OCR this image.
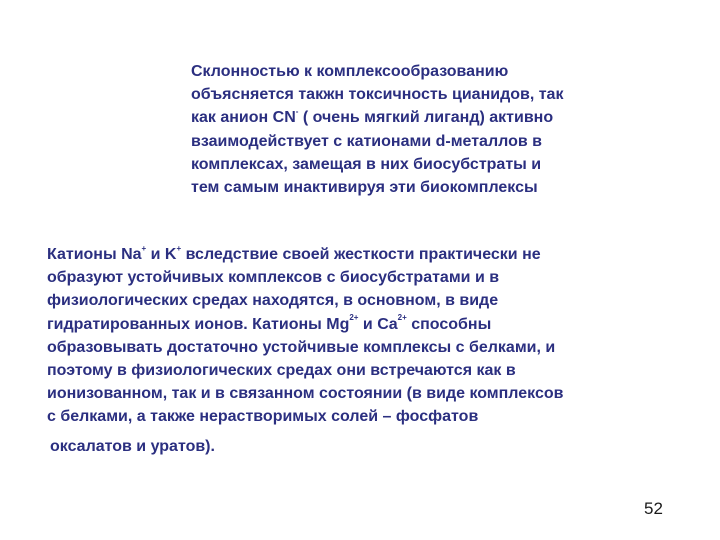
Склонностью к комплексообразованию
объясняется такжн токсичность цианидов, так
как анион CN- ( очень мягкий лиганд) активно
взаимодействует с катионами d-металлов в
комплексах, замещая в них биосубстраты и
тем самым инактивируя эти биокомплексы
Катионы Na+ и K+ вследствие своей жесткости практически не
образуют устойчивых комплексов с биосубстратами и в
физиологических средах находятся, в основном, в виде
гидратированных ионов. Катионы $Mg^{2+}$ и $Ca^{2+}$ способны
образовывать достаточно устойчивые комплексы с белками, и
поэтому в физиологических средах они встречаются как в
ионизованном, так и в связанном состоянии (в виде комплексов
с белками, а также нерастворимых солей – фосфатов
оксалатов и уратов).
52
